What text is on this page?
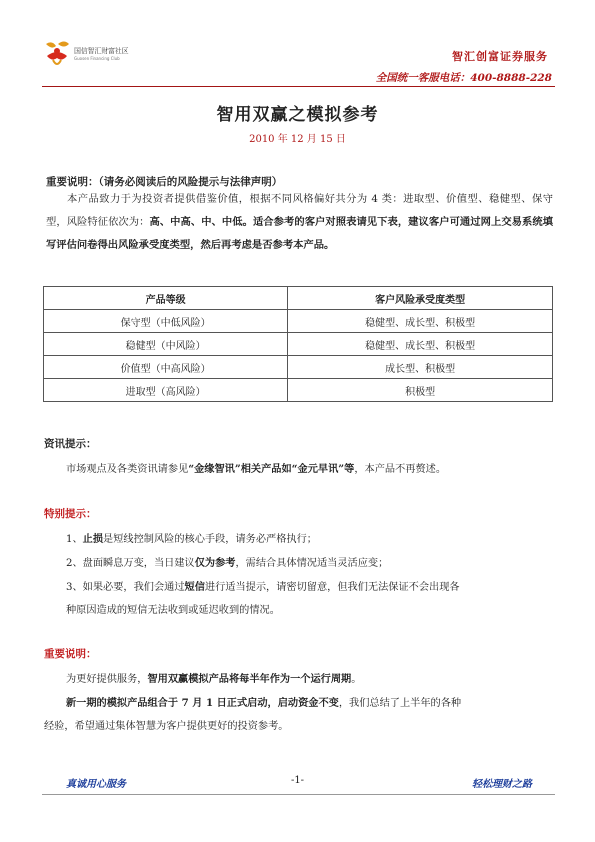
国信智汇财富社区
Guosen Financing Club	智汇创富证券服务
全国统一客服电话：400-8888-228
智用双赢之模拟参考
2010 年 12 月 15 日
重要说明：（请务必阅读后的风险提示与法律声明）
本产品致力于为投资者提供借鉴价值，根据不同风格偏好共分为 4 类：进取型、价值型、稳健型、保守型，风险特征依次为：高、中高、中、中低。适合参考的客户对照表请见下表，建议客户可通过网上交易系统填写评估问卷得出风险承受度类型，然后再考虑是否参考本产品。
产品等级	客户风险承受度类型
保守型（中低风险）	稳健型、成长型、积极型
稳健型（中风险）	稳健型、成长型、积极型
价值型（中高风险）	成长型、积极型
进取型（高风险）	积极型
资讯提示：
市场观点及各类资讯请参见“金缘智讯”相关产品如“金元早讯”等，本产品不再赘述。
特别提示：
1、止损是短线控制风险的核心手段，请务必严格执行；
2、盘面瞬息万变，当日建议仅为参考，需结合具体情况适当灵活应变；
3、如果必要，我们会通过短信进行适当提示，请密切留意，但我们无法保证不会出现各
种原因造成的短信无法收到或延迟收到的情况。
重要说明：
为更好提供服务，智用双赢模拟产品将每半年作为一个运行周期。
新一期的模拟产品组合于 7 月 1 日正式启动，启动资金不变，我们总结了上半年的各种
经验，希望通过集体智慧为客户提供更好的投资参考。
真诚用心服务	-1-	轻松理财之路
